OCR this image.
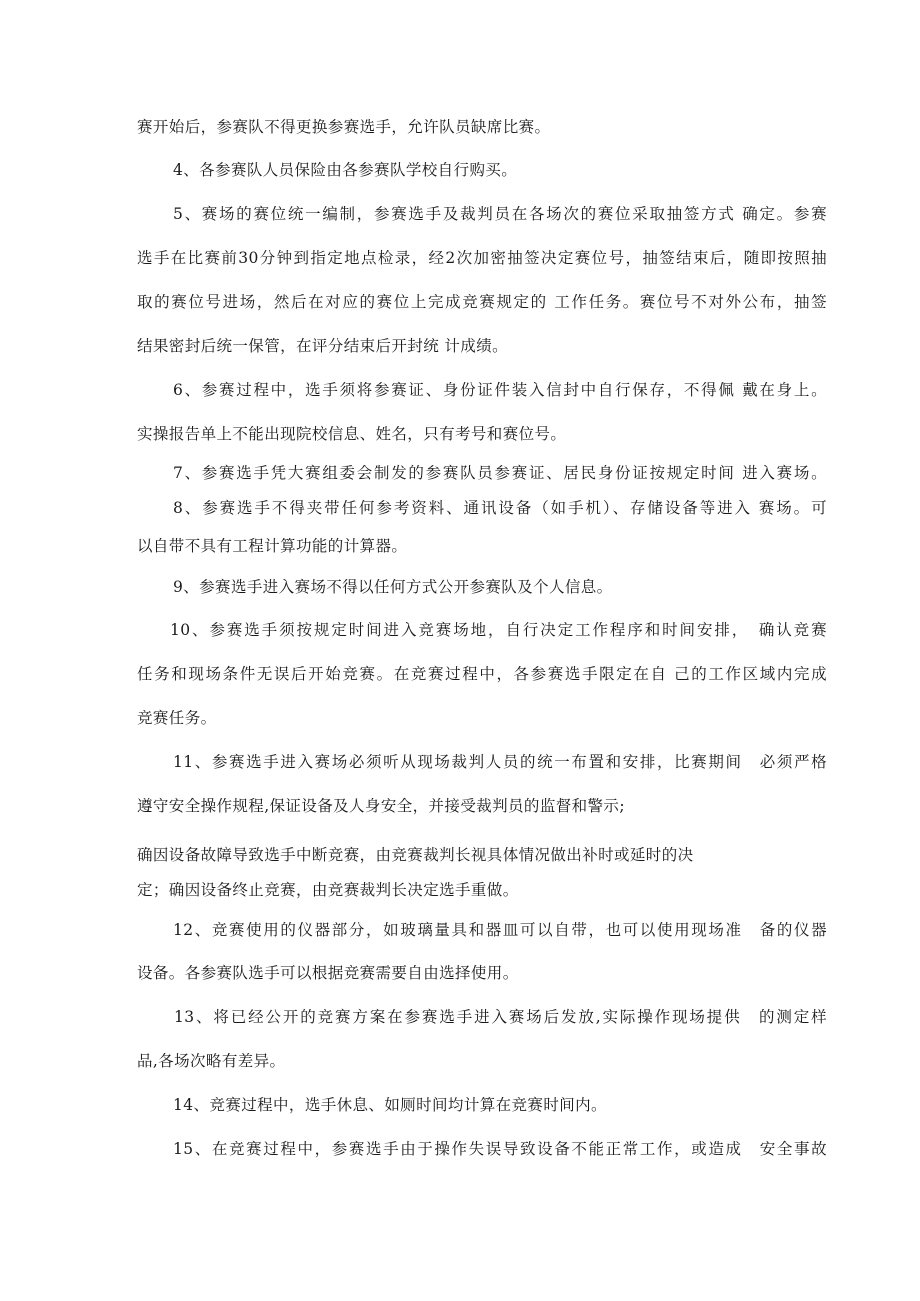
赛开始后，参赛队不得更换参赛选手，允许队员缺席比赛。
4、各参赛队人员保险由各参赛队学校自行购买。
5、赛场的赛位统一编制，参赛选手及裁判员在各场次的赛位采取抽签方式 确定。参赛
选手在比赛前30分钟到指定地点检录，经2次加密抽签决定赛位号，抽签结束后，随即按照抽
取的赛位号进场，然后在对应的赛位上完成竞赛规定的 工作任务。赛位号不对外公布，抽签
结果密封后统一保管，在评分结束后开封统 计成绩。
6、参赛过程中，选手须将参赛证、身份证件装入信封中自行保存，不得佩 戴在身上。
实操报告单上不能出现院校信息、姓名，只有考号和赛位号。
7、参赛选手凭大赛组委会制发的参赛队员参赛证、居民身份证按规定时间 进入赛场。
8、参赛选手不得夹带任何参考资料、通讯设备（如手机）、存储设备等进入 赛场。可
以自带不具有工程计算功能的计算器。
9、参赛选手进入赛场不得以任何方式公开参赛队及个人信息。
10、参赛选手须按规定时间进入竞赛场地，自行决定工作程序和时间安排，　确认竞赛
任务和现场条件无误后开始竞赛。在竞赛过程中，各参赛选手限定在自 己的工作区域内完成
竞赛任务。
11、参赛选手进入赛场必须听从现场裁判人员的统一布置和安排，比赛期间　必须严格
遵守安全操作规程,保证设备及人身安全，并接受裁判员的监督和警示;
确因设备故障导致选手中断竞赛，由竞赛裁判长视具体情况做出补时或延时的决
定；确因设备终止竞赛，由竞赛裁判长决定选手重做。
12、竞赛使用的仪器部分，如玻璃量具和器皿可以自带，也可以使用现场准　备的仪器
设备。各参赛队选手可以根据竞赛需要自由选择使用。
13、将已经公开的竞赛方案在参赛选手进入赛场后发放,实际操作现场提供　的测定样
品,各场次略有差异。
14、竞赛过程中，选手休息、如厕时间均计算在竞赛时间内。
15、在竞赛过程中，参赛选手由于操作失误导致设备不能正常工作，或造成　安全事故
